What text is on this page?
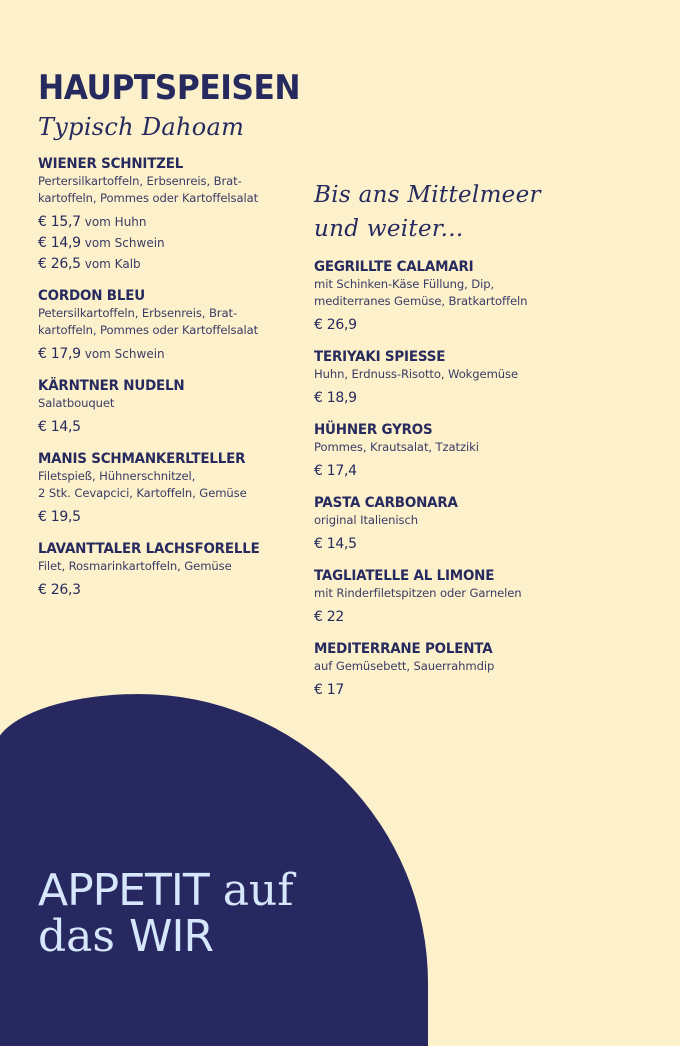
HAUPTSPEISEN
Typisch Dahoam
Bis ans Mittelmeer
und weiter...
WIENER SCHNITZEL
Pertersilkartoffeln, Erbsenreis, Brat-
kartoffeln, Pommes oder Kartoffelsalat
€ 15,7 vom Huhn
€ 14,9 vom Schwein
€ 26,5 vom Kalb
CORDON BLEU
Petersilkartoffeln, Erbsenreis, Brat-
kartoffeln, Pommes oder Kartoffelsalat
€ 17,9 vom Schwein
KÄRNTNER NUDELN
Salatbouquet
€ 14,5
MANIS SCHMANKERLTELLER
Filetspieß, Hühnerschnitzel,
2 Stk. Cevapcici, Kartoffeln, Gemüse
€ 19,5
LAVANTTALER LACHSFORELLE
Filet, Rosmarinkartoffeln, Gemüse
€ 26,3
GEGRILLTE CALAMARI
mit Schinken-Käse Füllung, Dip,
mediterranes Gemüse, Bratkartoffeln
€ 26,9
TERIYAKI SPIESSE
Huhn, Erdnuss-Risotto, Wokgemüse
€ 18,9
HÜHNER GYROS
Pommes, Krautsalat, Tzatziki
€ 17,4
PASTA CARBONARA
original Italienisch
€ 14,5
TAGLIATELLE AL LIMONE
mit Rinderfiletspitzen oder Garnelen
€ 22
MEDITERRANE POLENTA
auf Gemüsebett, Sauerrahmdip
€ 17
APPETIT auf
das WIR
